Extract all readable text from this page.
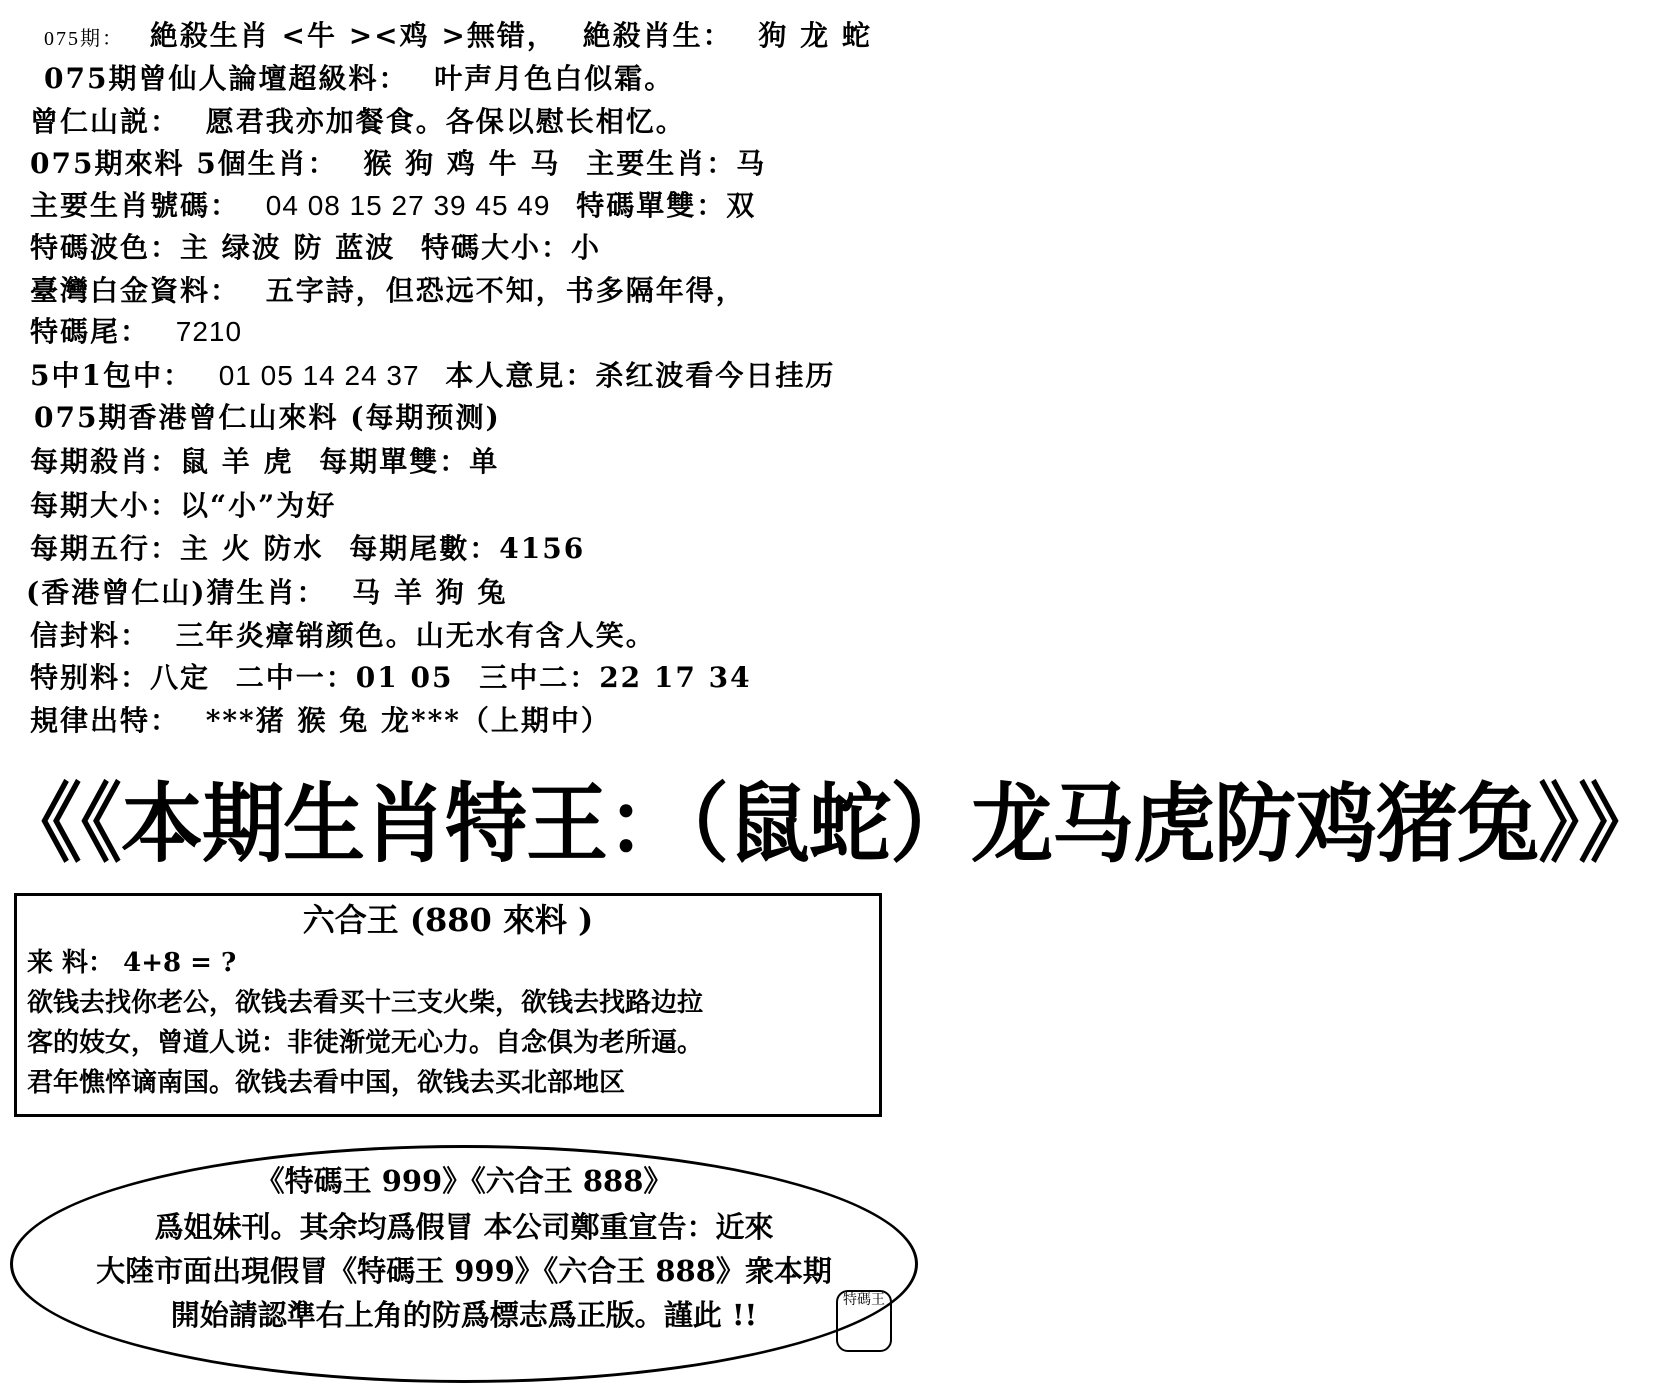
075期： 絶殺生肖 <牛 ><鸡 >無错， 絶殺肖生： 狗 龙 蛇
075期曾仙人論壇超級料： 叶声月色白似霜。
曾仁山説： 愿君我亦加餐食。各保以慰长相忆。
075期來料 5個生肖： 猴 狗 鸡 牛 马 主要生肖：马
主要生肖號碼： 04 08 15 27 39 45 49 特碼單雙：双
特碼波色：主 绿波 防 蓝波 特碼大小：小
臺灣白金資料： 五字詩，但恐远不知，书多隔年得，
特碼尾： 7210
5中1包中： 01 05 14 24 37 本人意見：杀红波看今日挂历
075期香港曾仁山來料 (每期预测)
每期殺肖：鼠 羊 虎 每期單雙：单
每期大小：以“小”为好
每期五行：主 火 防水 每期尾數：4156
(香港曾仁山)猜生肖： 马 羊 狗 兔
信封料： 三年炎瘴销颜色。山无水有含人笑。
特别料：八定 二中一：01 05 三中二：22 17 34
規律出特： ***猪 猴 兔 龙***（上期中）
《《本期生肖特王：（鼠蛇）龙马虎防鸡猪兔》》
六合王 (880 來料 )
来 料： 4+8 = ?
欲钱去找你老公，欲钱去看买十三支火柴，欲钱去找路边拉
客的妓女，曾道人说：非徒渐觉无心力。自念俱为老所逼。
君年憔悴谪南国。欲钱去看中国，欲钱去买北部地区
《特碼王 999》《六合王 888》
爲姐妹刊。其余均爲假冒 本公司鄭重宣告：近來
大陸市面出現假冒《特碼王 999》《六合王 888》衆本期
開始請認準右上角的防爲標志爲正版。謹此 !!	特碼王
